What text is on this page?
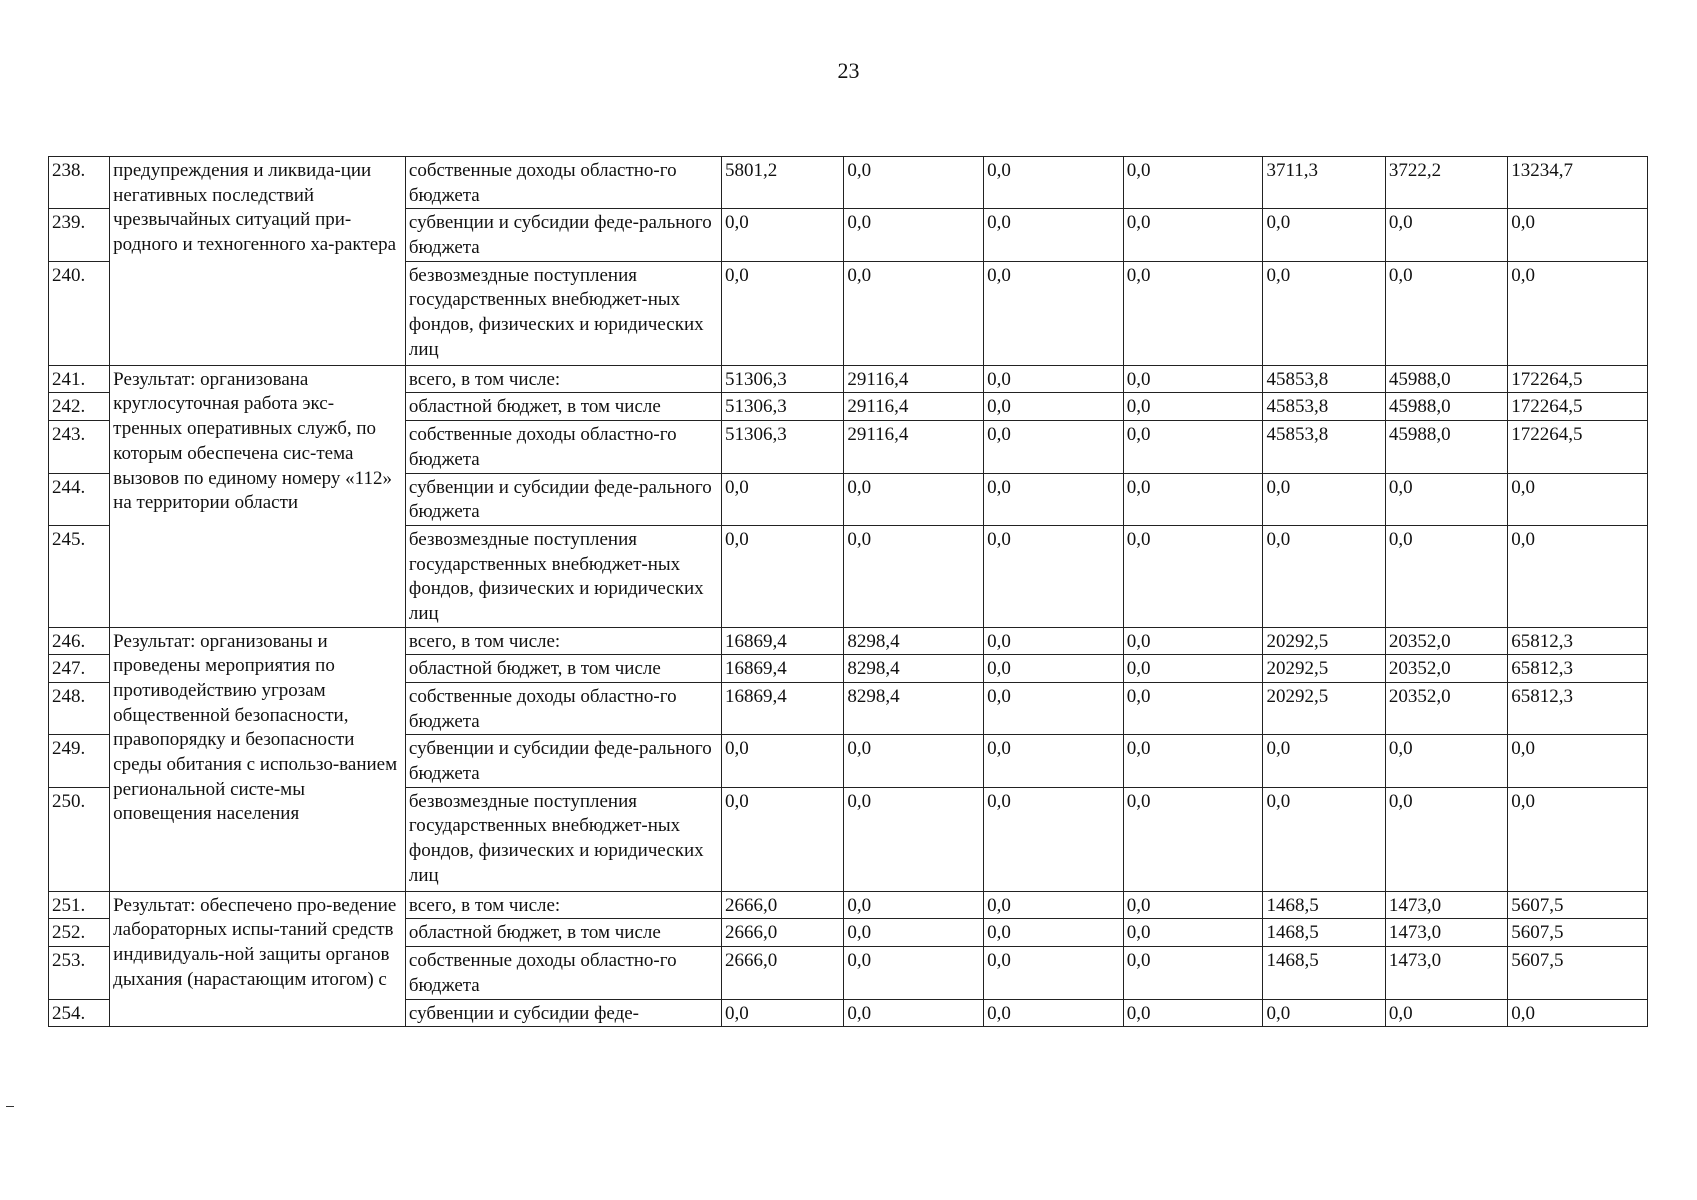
23
238.	предупреждения и ликвида-ции негативных последствий чрезвычайных ситуаций при-родного и техногенного ха-рактера	собственные доходы областно-го бюджета	5801,2	0,0	0,0	0,0	3711,3	3722,2	13234,7
239.		субвенции и субсидии феде-рального бюджета	0,0	0,0	0,0	0,0	0,0	0,0	0,0
240.		безвозмездные поступления государственных внебюджет-ных фондов, физических и юридических лиц	0,0	0,0	0,0	0,0	0,0	0,0	0,0
241.	Результат: организована круглосуточная работа экс-тренных оперативных служб, по которым обеспечена сис-тема вызовов по единому номеру «112» на территории области	всего, в том числе:	51306,3	29116,4	0,0	0,0	45853,8	45988,0	172264,5
242.		областной бюджет, в том числе	51306,3	29116,4	0,0	0,0	45853,8	45988,0	172264,5
243.		собственные доходы областно-го бюджета	51306,3	29116,4	0,0	0,0	45853,8	45988,0	172264,5
244.		субвенции и субсидии феде-рального бюджета	0,0	0,0	0,0	0,0	0,0	0,0	0,0
245.		безвозмездные поступления государственных внебюджет-ных фондов, физических и юридических лиц	0,0	0,0	0,0	0,0	0,0	0,0	0,0
246.	Результат: организованы и проведены мероприятия по противодействию угрозам общественной безопасности, правопорядку и безопасности среды обитания с использо-ванием региональной систе-мы оповещения населения	всего, в том числе:	16869,4	8298,4	0,0	0,0	20292,5	20352,0	65812,3
247.		областной бюджет, в том числе	16869,4	8298,4	0,0	0,0	20292,5	20352,0	65812,3
248.		собственные доходы областно-го бюджета	16869,4	8298,4	0,0	0,0	20292,5	20352,0	65812,3
249.		субвенции и субсидии феде-рального бюджета	0,0	0,0	0,0	0,0	0,0	0,0	0,0
250.		безвозмездные поступления государственных внебюджет-ных фондов, физических и юридических лиц	0,0	0,0	0,0	0,0	0,0	0,0	0,0
251.	Результат: обеспечено про-ведение лабораторных испы-таний средств индивидуаль-ной защиты органов дыхания (нарастающим итогом) с	всего, в том числе:	2666,0	0,0	0,0	0,0	1468,5	1473,0	5607,5
252.		областной бюджет, в том числе	2666,0	0,0	0,0	0,0	1468,5	1473,0	5607,5
253.		собственные доходы областно-го бюджета	2666,0	0,0	0,0	0,0	1468,5	1473,0	5607,5
254.		субвенции и субсидии феде-	0,0	0,0	0,0	0,0	0,0	0,0	0,0
